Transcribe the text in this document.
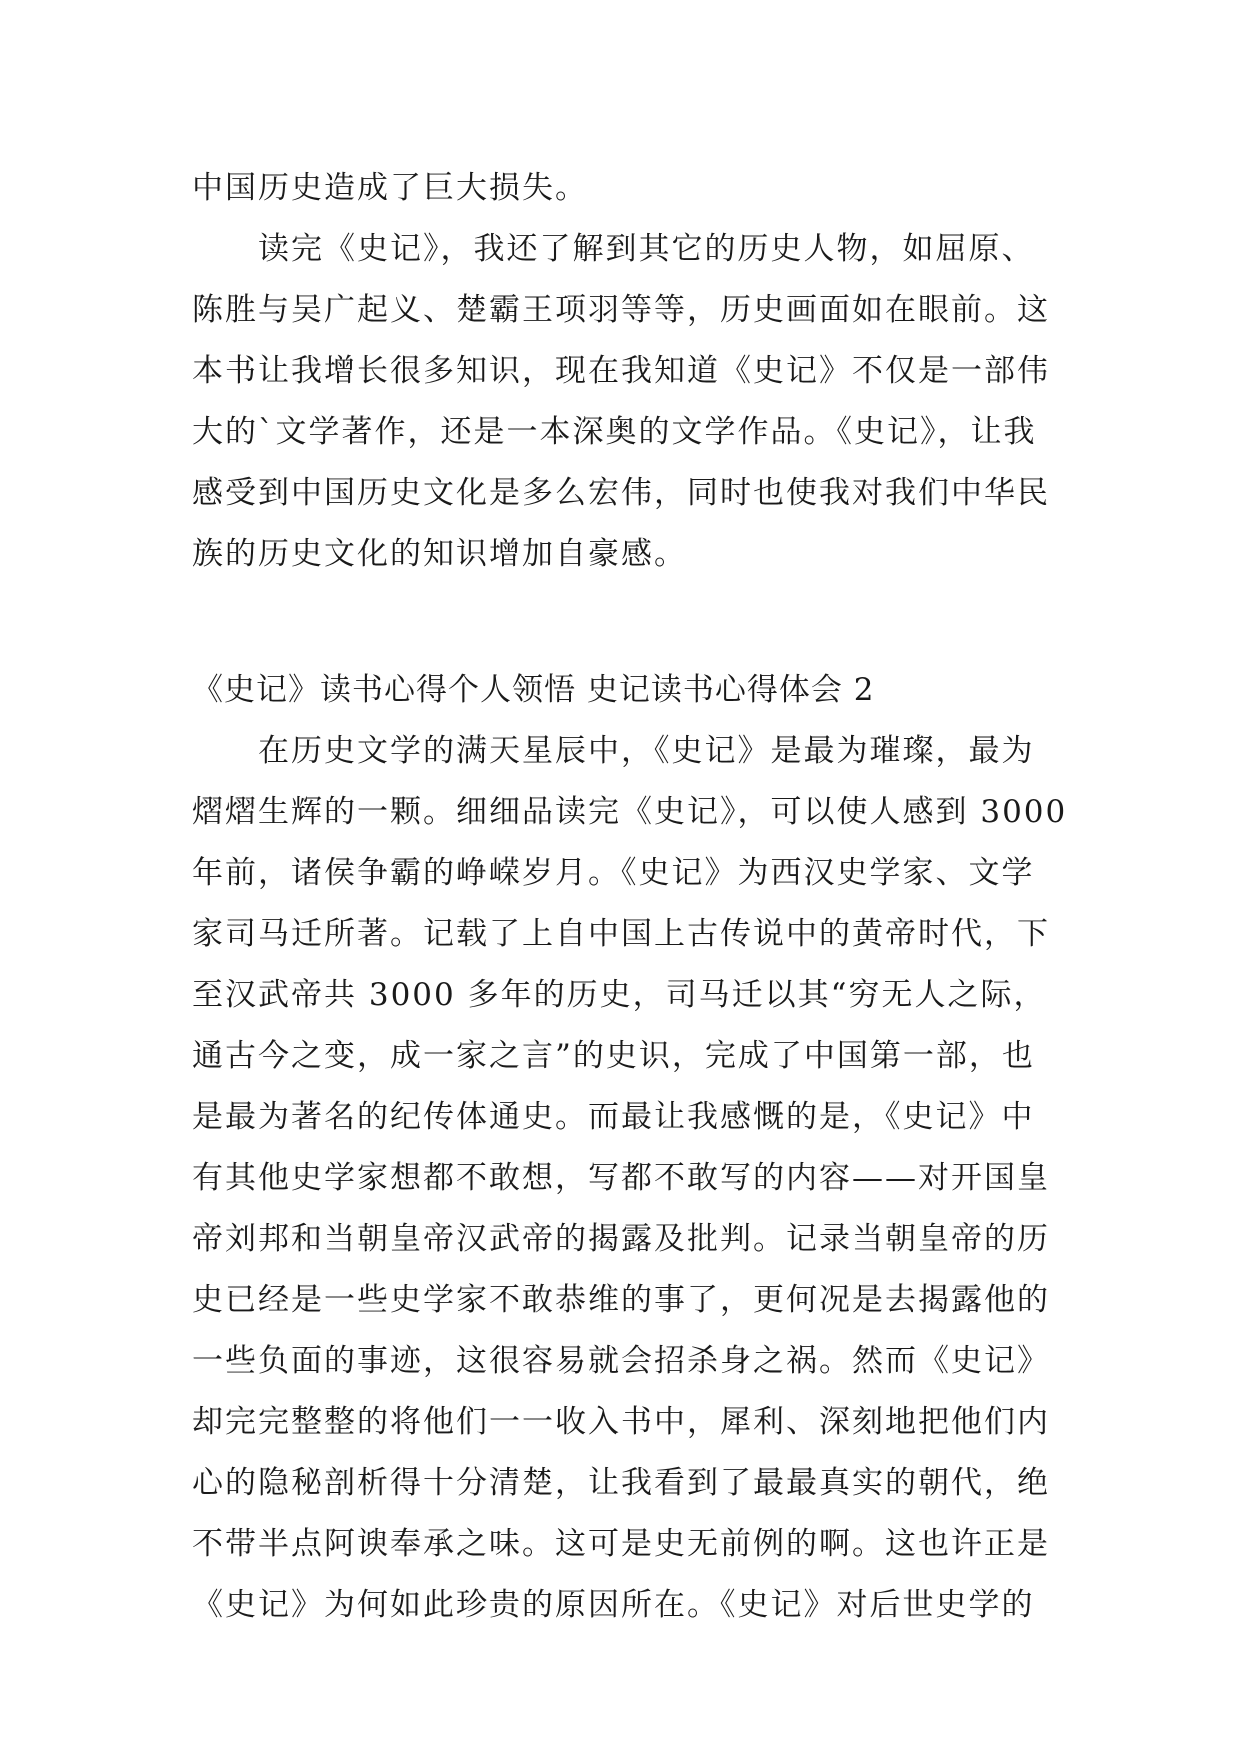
中国历史造成了巨大损失。
　　读完《史记》，我还了解到其它的历史人物，如屈原、
陈胜与吴广起义、楚霸王项羽等等，历史画面如在眼前。这
本书让我增长很多知识，现在我知道《史记》不仅是一部伟
大的`文学著作，还是一本深奥的文学作品。《史记》，让我
感受到中国历史文化是多么宏伟，同时也使我对我们中华民
族的历史文化的知识增加自豪感。
《史记》读书心得个人领悟 史记读书心得体会 2
　　在历史文学的满天星辰中，《史记》是最为璀璨，最为
熠熠生辉的一颗。细细品读完《史记》，可以使人感到 3000
年前，诸侯争霸的峥嵘岁月。《史记》为西汉史学家、文学
家司马迁所著。记载了上自中国上古传说中的黄帝时代，下
至汉武帝共 3000 多年的历史，司马迁以其“穷无人之际，
通古今之变，成一家之言”的史识，完成了中国第一部，也
是最为著名的纪传体通史。而最让我感慨的是，《史记》中
有其他史学家想都不敢想，写都不敢写的内容——对开国皇
帝刘邦和当朝皇帝汉武帝的揭露及批判。记录当朝皇帝的历
史已经是一些史学家不敢恭维的事了，更何况是去揭露他的
一些负面的事迹，这很容易就会招杀身之祸。然而《史记》
却完完整整的将他们一一收入书中，犀利、深刻地把他们内
心的隐秘剖析得十分清楚，让我看到了最最真实的朝代，绝
不带半点阿谀奉承之味。这可是史无前例的啊。这也许正是
《史记》为何如此珍贵的原因所在。《史记》对后世史学的
